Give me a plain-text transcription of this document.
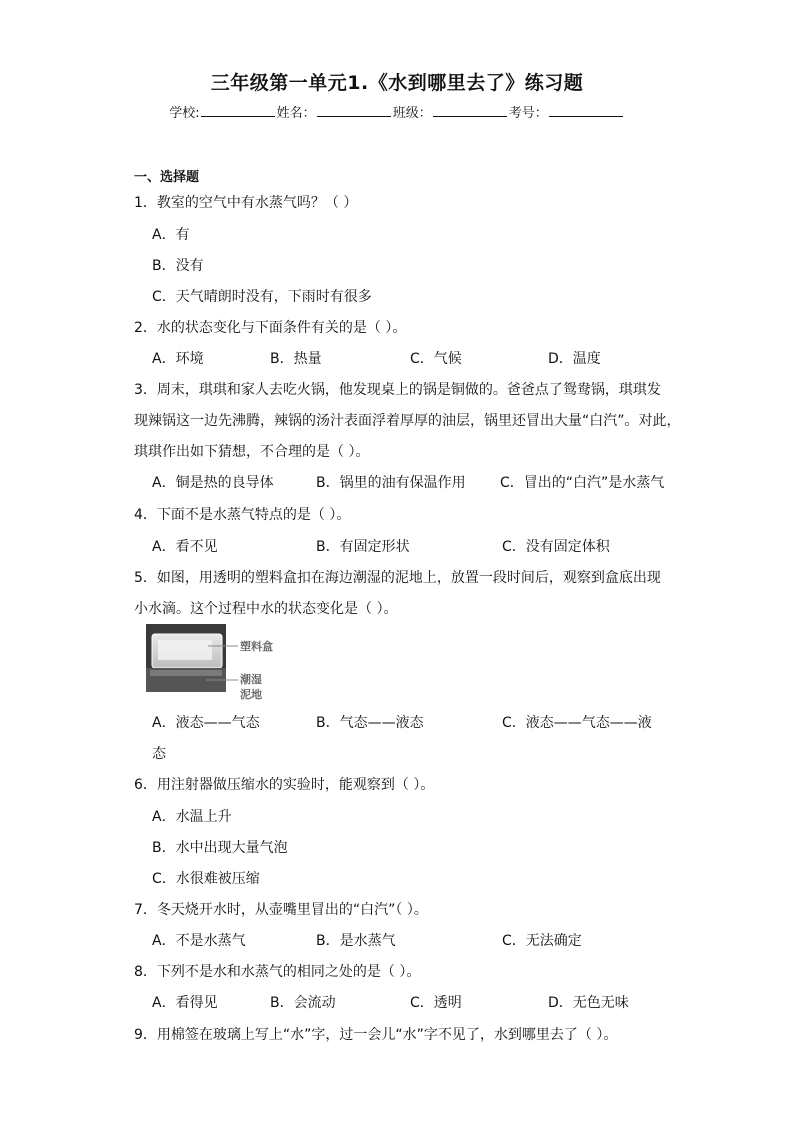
三年级第一单元1.《水到哪里去了》练习题
学校:	姓名：	班级：	考号：
一、选择题
1．教室的空气中有水蒸气吗？（ ）
A．有
B．没有
C．天气晴朗时没有，下雨时有很多
2．水的状态变化与下面条件有关的是（ ）。
A．环境	B．热量	C．气候	D．温度
3．周末，琪琪和家人去吃火锅，他发现桌上的锅是铜做的。爸爸点了鸳鸯锅，琪琪发
现辣锅这一边先沸腾，辣锅的汤汁表面浮着厚厚的油层，锅里还冒出大量“白汽”。对此，
琪琪作出如下猜想，不合理的是（ ）。
A．铜是热的良导体	B．锅里的油有保温作用 C．冒出的“白汽”是水蒸气
4．下面不是水蒸气特点的是（ ）。
A．看不见	B．有固定形状	C．没有固定体积
5．如图，用透明的塑料盒扣在海边潮湿的泥地上，放置一段时间后，观察到盒底出现
小水滴。这个过程中水的状态变化是（ ）。
塑料盒
潮湿
泥地
A．液态——气态	B．气态——液态	C．液态——气态——液
态
6．用注射器做压缩水的实验时，能观察到（ ）。
A．水温上升
B．水中出现大量气泡
C．水很难被压缩
7．冬天烧开水时，从壶嘴里冒出的“白汽”（ ）。
A．不是水蒸气	B．是水蒸气	C．无法确定
8．下列不是水和水蒸气的相同之处的是（ ）。
A．看得见	B．会流动	C．透明	D．无色无味
9．用棉签在玻璃上写上“水”字，过一会儿“水”字不见了，水到哪里去了（ ）。
